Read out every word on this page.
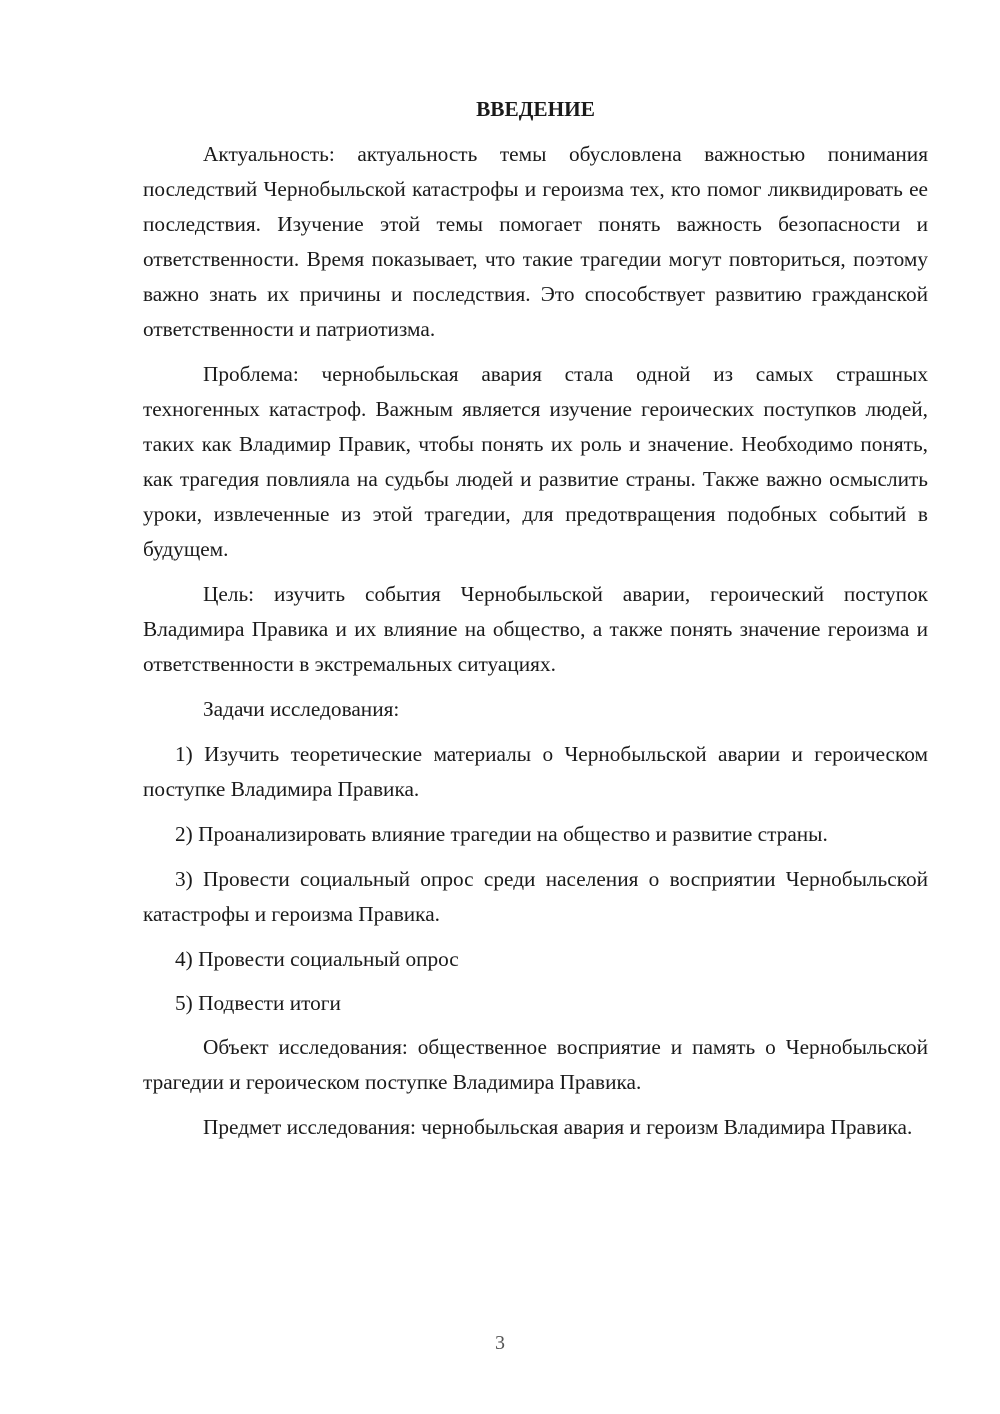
ВВЕДЕНИЕ

Актуальность: актуальность темы обусловлена важностью понимания последствий Чернобыльской катастрофы и героизма тех, кто помог ликвидировать ее последствия. Изучение этой темы помогает понять важность безопасности и ответственности. Время показывает, что такие трагедии могут повториться, поэтому важно знать их причины и последствия. Это способствует развитию гражданской ответственности и патриотизма.

Проблема: чернобыльская авария стала одной из самых страшных техногенных катастроф. Важным является изучение героических поступков людей, таких как Владимир Правик, чтобы понять их роль и значение. Необходимо понять, как трагедия повлияла на судьбы людей и развитие страны. Также важно осмыслить уроки, извлеченные из этой трагедии, для предотвращения подобных событий в будущем.

Цель: изучить события Чернобыльской аварии, героический поступок Владимира Правика и их влияние на общество, а также понять значение героизма и ответственности в экстремальных ситуациях.

Задачи исследования:

1) Изучить теоретические материалы о Чернобыльской аварии и героическом поступке Владимира Правика.

2) Проанализировать влияние трагедии на общество и развитие страны.

3) Провести социальный опрос среди населения о восприятии Чернобыльской катастрофы и героизма Правика.

4) Провести социальный опрос

5) Подвести итоги

Объект исследования: общественное восприятие и память о Чернобыльской трагедии и героическом поступке Владимира Правика.

Предмет исследования: чернобыльская авария и героизм Владимира Правика.

3
